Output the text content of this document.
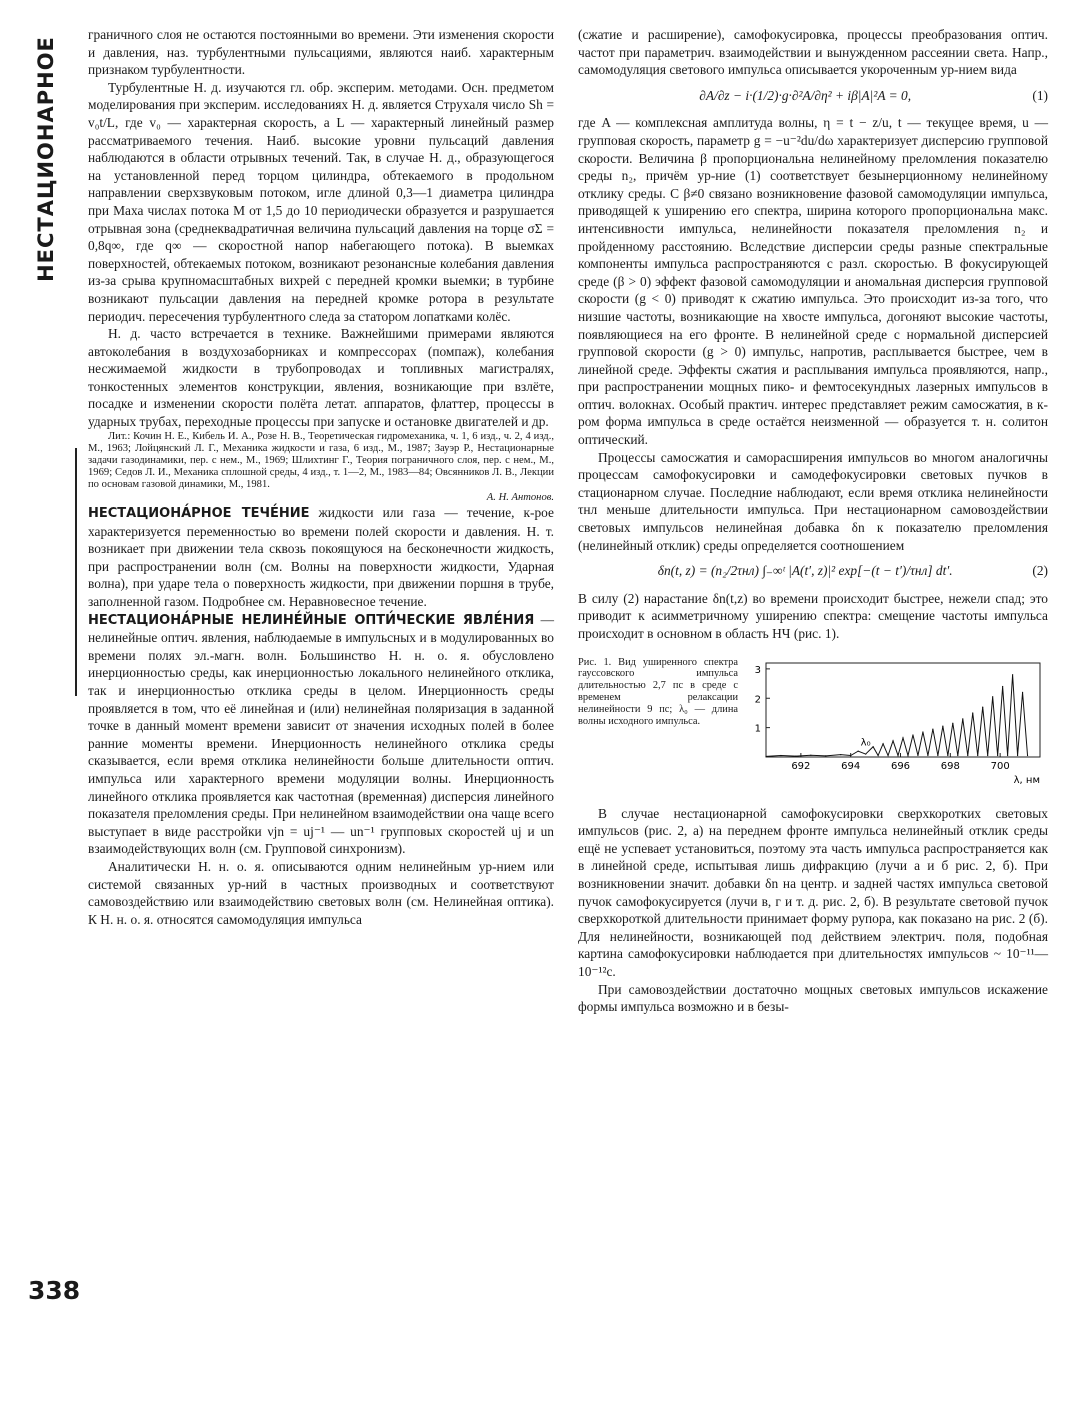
НЕСТАЦИОНАРНОЕ
338

граничного слоя не остаются постоянными во времени. Эти изменения скорости и давления, наз. турбулентными пульсациями, являются наиб. характерным признаком турбулентности.

Турбулентные Н. д. изучаются гл. обр. эксперим. методами. Осн. предметом моделирования при эксперим. исследованиях Н. д. является Струхаля число Sh = v₀t/L, где v₀ — характерная скорость, а L — характерный линейный размер рассматриваемого течения. Наиб. высокие уровни пульсаций давления наблюдаются в области отрывных течений. Так, в случае Н. д., образующегося на установленной перед торцом цилиндра, обтекаемого в продольном направлении сверхзвуковым потоком, игле длиной 0,3—1 диаметра цилиндра при Маха числах потока М от 1,5 до 10 периодически образуется и разрушается отрывная зона (среднеквадратичная величина пульсаций давления на торце σΣ = 0,8q∞, где q∞ — скоростной напор набегающего потока). В выемках поверхностей, обтекаемых потоком, возникают резонансные колебания давления из-за срыва крупномасштабных вихрей с передней кромки выемки; в турбине возникают пульсации давления на передней кромке ротора в результате периодич. пересечения турбулентного следа за статором лопатками колёс.

Н. д. часто встречается в технике. Важнейшими примерами являются автоколебания в воздухозаборниках и компрессорах (помпаж), колебания несжимаемой жидкости в трубопроводах и топливных магистралях, тонкостенных элементов конструкции, явления, возникающие при взлёте, посадке и изменении скорости полёта летат. аппаратов, флаттер, процессы в ударных трубах, переходные процессы при запуске и остановке двигателей и др.

Лит.: Кочин Н. Е., Кибель И. А., Розе Н. В., Теоретическая гидромеханика, ч. 1, 6 изд., ч. 2, 4 изд., М., 1963; Лойцянский Л. Г., Механика жидкости и газа, 6 изд., М., 1987; Зауэр Р., Нестационарные задачи газодинамики, пер. с нем., М., 1969; Шлихтинг Г., Теория пограничного слоя, пер. с нем., М., 1969; Седов Л. И., Механика сплошной среды, 4 изд., т. 1—2, М., 1983—84; Овсянников Л. В., Лекции по основам газовой динамики, М., 1981.

А. Н. Антонов.

НЕСТАЦИОНА́РНОЕ ТЕЧЕ́НИЕ жидкости или газа — течение, к-рое характеризуется переменностью во времени полей скорости и давления. Н. т. возникает при движении тела сквозь покоящуюся на бесконечности жидкость, при распространении волн (см. Волны на поверхности жидкости, Ударная волна), при ударе тела о поверхность жидкости, при движении поршня в трубе, заполненной газом. Подробнее см. Неравновесное течение.

НЕСТАЦИОНА́РНЫЕ НЕЛИНЕ́ЙНЫЕ ОПТИ́ЧЕСКИЕ ЯВЛЕ́НИЯ — нелинейные оптич. явления, наблюдаемые в импульсных и в модулированных во времени полях эл.-магн. волн. Большинство Н. н. о. я. обусловлено инерционностью среды, как инерционностью локального нелинейного отклика, так и инерционностью отклика среды в целом. Инерционность среды проявляется в том, что её линейная и (или) нелинейная поляризация в заданной точке в данный момент времени зависит от значения исходных полей в более ранние моменты времени. Инерционность нелинейного отклика среды сказывается, если время отклика нелинейности больше длительности оптич. импульса или характерного времени модуляции волны. Инерционность линейного отклика проявляется как частотная (временная) дисперсия линейного показателя преломления среды. При нелинейном взаимодействии она чаще всего выступает в виде расстройки νjn = uj⁻¹ — un⁻¹ групповых скоростей uj и un взаимодействующих волн (см. Групповой синхронизм).

Аналитически Н. н. о. я. описываются одним нелинейным ур-нием или системой связанных ур-ний в частных производных и соответствуют самовоздействию или взаимодействию световых волн (см. Нелинейная оптика). К Н. н. о. я. относятся самомодуляция импульса

(сжатие и расширение), самофокусировка, процессы преобразования оптич. частот при параметрич. взаимодействии и вынужденном рассеянии света. Напр., самомодуляция светового импульса описывается укороченным ур-нием вида

∂A/∂z − i·(1/2)·g·∂²A/∂η² + iβ|A|²A = 0,	(1)

где A — комплексная амплитуда волны, η = t − z/u, t — текущее время, u — групповая скорость, параметр g = −u⁻²du/dω характеризует дисперсию групповой скорости. Величина β пропорциональна нелинейному преломления показателю среды n₂, причём ур-ние (1) соответствует безынерционному нелинейному отклику среды. С β≠0 связано возникновение фазовой самомодуляции импульса, приводящей к уширению его спектра, ширина которого пропорциональна макс. интенсивности импульса, нелинейности показателя преломления n₂ и пройденному расстоянию. Вследствие дисперсии среды разные спектральные компоненты импульса распространяются с разл. скоростью. В фокусирующей среде (β > 0) эффект фазовой самомодуляции и аномальная дисперсия групповой скорости (g < 0) приводят к сжатию импульса. Это происходит из-за того, что низшие частоты, возникающие на хвосте импульса, догоняют высокие частоты, появляющиеся на его фронте. В нелинейной среде с нормальной дисперсией групповой скорости (g > 0) импульс, напротив, расплывается быстрее, чем в линейной среде. Эффекты сжатия и расплывания импульса проявляются, напр., при распространении мощных пико- и фемтосекундных лазерных импульсов в оптич. волокнах. Особый практич. интерес представляет режим самосжатия, в к-ром форма импульса в среде остаётся неизменной — образуется т. н. солитон оптический.

Процессы самосжатия и саморасширения импульсов во многом аналогичны процессам самофокусировки и самодефокусировки световых пучков в стационарном случае. Последние наблюдают, если время отклика нелинейности τнл меньше длительности импульса. При нестационарном самовоздействии световых импульсов нелинейная добавка δn к показателю преломления (нелинейный отклик) среды определяется соотношением

δn(t, z) = (n₂/2τнл) ∫₋∞ᵗ |A(t′, z)|² exp[−(t − t′)/τнл] dt′.	(2)

В силу (2) нарастание δn(t,z) во времени происходит быстрее, нежели спад; это приводит к асимметричному уширению спектра: смещение частоты импульса происходит в основном в область НЧ (рис. 1).

Рис. 1. Вид уширенного спектра гауссовского импульса длительностью 2,7 пс в среде с временем релаксации нелинейности 9 пс; λ₀ — длина волны исходного импульса.
692	694	696	698	700
1
2
3
λ₀
λ, нм

В случае нестационарной самофокусировки сверхкоротких световых импульсов (рис. 2, а) на переднем фронте импульса нелинейный отклик среды ещё не успевает установиться, поэтому эта часть импульса распространяется как в линейной среде, испытывая лишь дифракцию (лучи а и б рис. 2, б). При возникновении значит. добавки δn на центр. и задней частях импульса световой пучок самофокусируется (лучи в, г и т. д. рис. 2, б). В результате световой пучок сверхкороткой длительности принимает форму рупора, как показано на рис. 2 (б). Для нелинейности, возникающей под действием электрич. поля, подобная картина самофокусировки наблюдается при длительностях импульсов ~ 10⁻¹¹—10⁻¹²с.

При самовоздействии достаточно мощных световых импульсов искажение формы импульса возможно и в безы-
